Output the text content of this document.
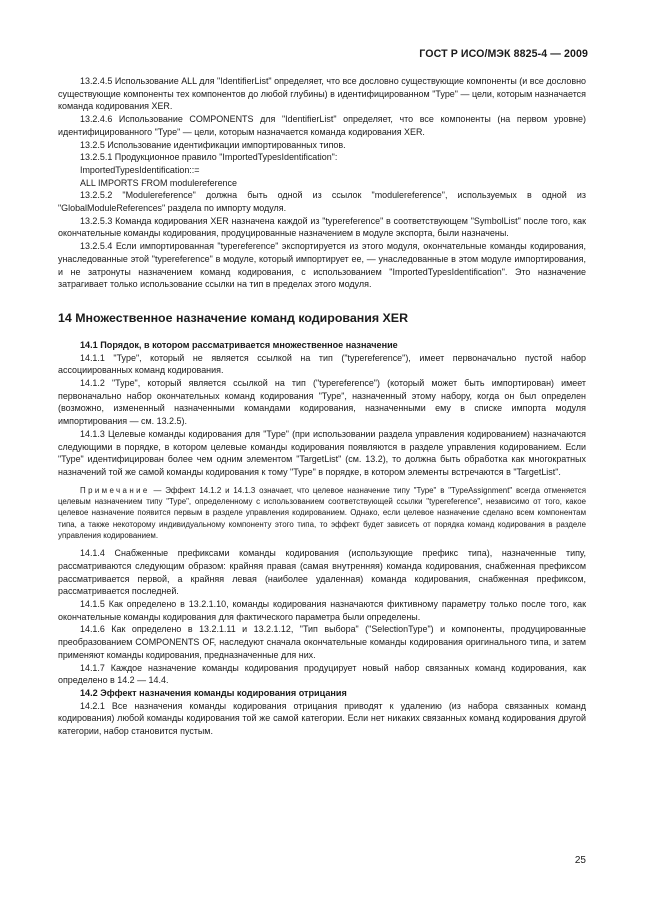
ГОСТ Р ИСО/МЭК 8825-4 — 2009

13.2.4.5 Использование ALL для "IdentifierList" определяет, что все дословно существующие компоненты (и все дословно существующие компоненты тех компонентов до любой глубины) в идентифицированном "Type" — цели, которым назначается команда кодирования XER.

13.2.4.6 Использование COMPONENTS для "IdentifierList" определяет, что все компоненты (на первом уровне) идентифицированного "Type" — цели, которым назначается команда кодирования XER.

13.2.5 Использование идентификации импортированных типов.

13.2.5.1 Продукционное правило "ImportedTypesIdentification":

ImportedTypesIdentification::=

ALL IMPORTS FROM modulereference

13.2.5.2 "Modulereference" должна быть одной из ссылок "modulereference", используемых в одной из "GlobalModuleReferences" раздела по импорту модуля.

13.2.5.3 Команда кодирования XER назначена каждой из "typereference" в соответствующем "SymbolList" после того, как окончательные команды кодирования, продуцированные назначением в модуле экспорта, были назначены.

13.2.5.4 Если импортированная "typereference" экспортируется из этого модуля, окончательные команды кодирования, унаследованные этой "typereference" в модуле, который импортирует ее, — унаследованные в этом модуле импортирования, и не затронуты назначением команд кодирования, с использованием "ImportedTypesIdentification". Это назначение затрагивает только использование ссылки на тип в пределах этого модуля.

14 Множественное назначение команд кодирования XER
14.1 Порядок, в котором рассматривается множественное назначение

14.1.1 "Type", который не является ссылкой на тип ("typereference"), имеет первоначально пустой набор ассоциированных команд кодирования.

14.1.2 "Type", который является ссылкой на тип ("typereference") (который может быть импортирован) имеет первоначально набор окончательных команд кодирования "Type", назначенный этому набору, когда он был определен (возможно, измененный назначенными командами кодирования, назначенными ему в списке импорта модуля импортирования — см. 13.2.5).

14.1.3 Целевые команды кодирования для "Type" (при использовании раздела управления кодированием) назначаются следующими в порядке, в котором целевые команды кодирования появляются в разделе управления кодированием. Если "Type" идентифицирован более чем одним элементом "TargetList" (см. 13.2), то должна быть обработка как многократных назначений той же самой команды кодирования к тому "Type" в порядке, в котором элементы встречаются в "TargetList".

Примечание — Эффект 14.1.2 и 14.1.3 означает, что целевое назначение типу "Type" в "TypeAssignment" всегда отменяется целевым назначением типу "Type", определенному с использованием соответствующей ссылки "typereference", независимо от того, какое целевое назначение появится первым в разделе управления кодированием. Однако, если целевое назначение сделано всем компонентам типа, а также некоторому индивидуальному компоненту этого типа, то эффект будет зависеть от порядка команд кодирования в разделе управления кодированием.

14.1.4 Снабженные префиксами команды кодирования (использующие префикс типа), назначенные типу, рассматриваются следующим образом: крайняя правая (самая внутренняя) команда кодирования, снабженная префиксом рассматривается первой, а крайняя левая (наиболее удаленная) команда кодирования, снабженная префиксом, рассматривается последней.

14.1.5 Как определено в 13.2.1.10, команды кодирования назначаются фиктивному параметру только после того, как окончательные команды кодирования для фактического параметра были определены.

14.1.6 Как определено в 13.2.1.11 и 13.2.1.12, "Тип выбора" ("SelectionType") и компоненты, продуцированные преобразованием COMPONENTS OF, наследуют сначала окончательные команды кодирования оригинального типа, и затем применяют команды кодирования, предназначенные для них.

14.1.7 Каждое назначение команды кодирования продуцирует новый набор связанных команд кодирования, как определено в 14.2 — 14.4.

14.2 Эффект назначения команды кодирования отрицания

14.2.1 Все назначения команды кодирования отрицания приводят к удалению (из набора связанных команд кодирования) любой команды кодирования той же самой категории. Если нет никаких связанных команд кодирования другой категории, набор становится пустым.

25
